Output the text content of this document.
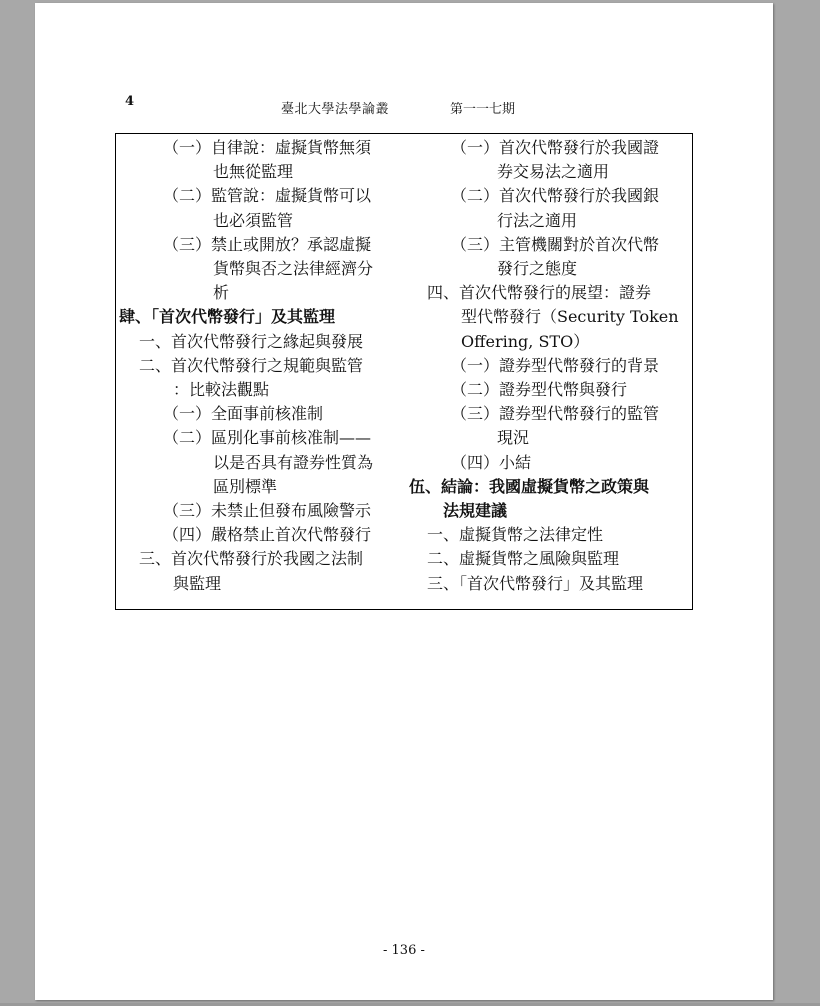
4
臺北大學法學論叢	第一一七期
（一）自律說：虛擬貨幣無須
也無從監理
（二）監管說：虛擬貨幣可以
也必須監管
（三）禁止或開放？承認虛擬
貨幣與否之法律經濟分
析
肆、「首次代幣發行」及其監理
一、首次代幣發行之緣起與發展
二、首次代幣發行之規範與監管
：比較法觀點
（一）全面事前核准制
（二）區別化事前核准制——
以是否具有證券性質為
區別標準
（三）未禁止但發布風險警示
（四）嚴格禁止首次代幣發行
三、首次代幣發行於我國之法制
與監理
（一）首次代幣發行於我國證
券交易法之適用
（二）首次代幣發行於我國銀
行法之適用
（三）主管機關對於首次代幣
發行之態度
四、首次代幣發行的展望：證券
型代幣發行（Security Token
Offering, STO）
（一）證券型代幣發行的背景
（二）證券型代幣與發行
（三）證券型代幣發行的監管
現況
（四）小結
伍、結論：我國虛擬貨幣之政策與
法規建議
一、虛擬貨幣之法律定性
二、虛擬貨幣之風險與監理
三、「首次代幣發行」及其監理
- 136 -
